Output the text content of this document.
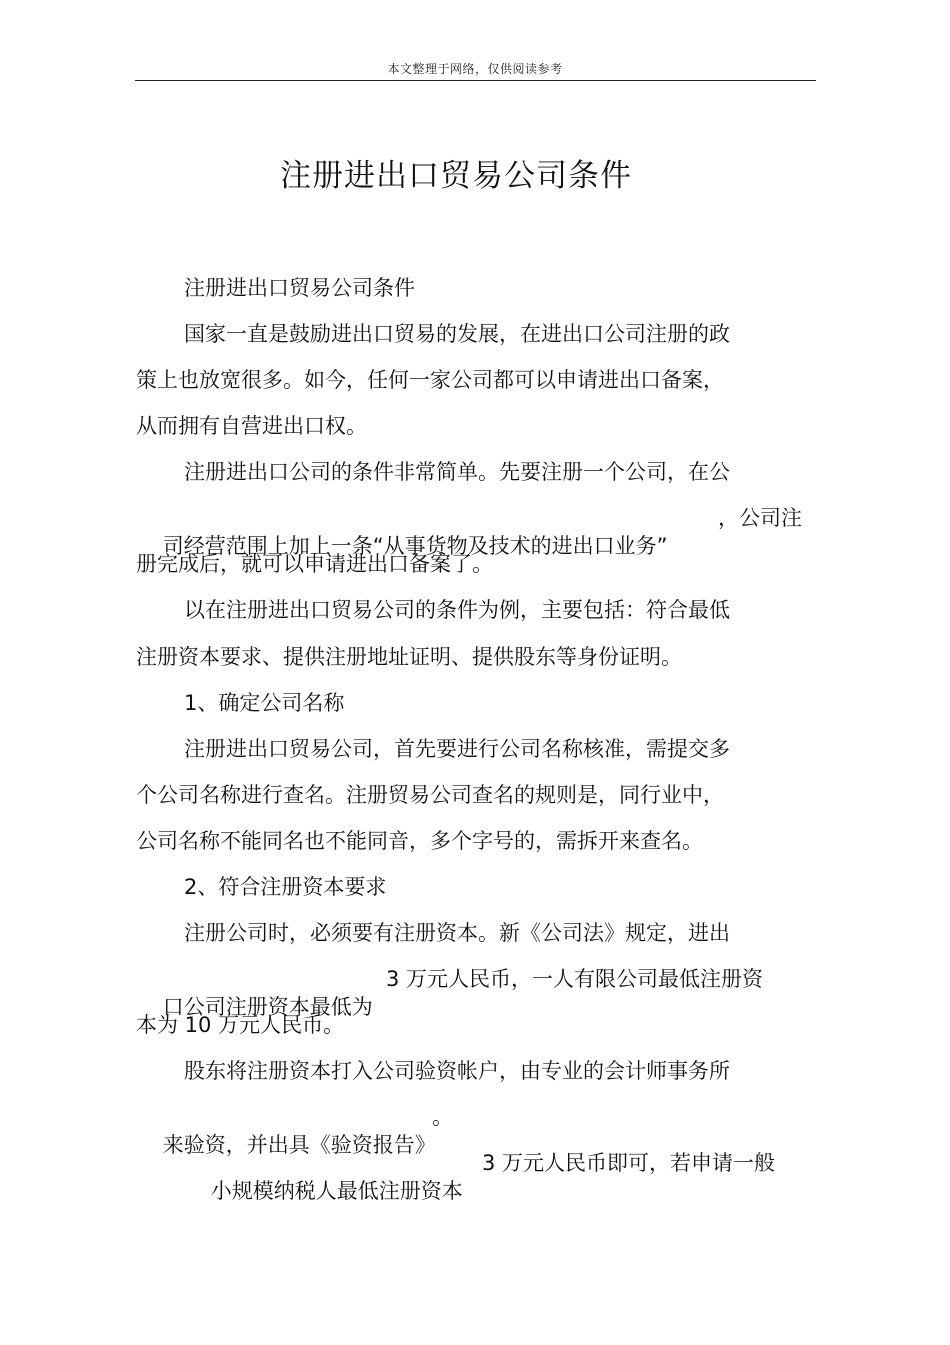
本文整理于网络，仅供阅读参考
注册进出口贸易公司条件
注册进出口贸易公司条件
国家一直是鼓励进出口贸易的发展，在进出口公司注册的政
策上也放宽很多。如今，任何一家公司都可以申请进出口备案，
从而拥有自营进出口权。
注册进出口公司的条件非常简单。先要注册一个公司，在公

司经营范围上加上一条“从事货物及技术的进出口业务”

，公司注

册完成后，就可以申请进出口备案了。
以在注册进出口贸易公司的条件为例，主要包括：符合最低
注册资本要求、提供注册地址证明、提供股东等身份证明。
1、确定公司名称
注册进出口贸易公司，首先要进行公司名称核准，需提交多
个公司名称进行查名。注册贸易公司查名的规则是，同行业中，
公司名称不能同名也不能同音，多个字号的，需拆开来查名。
2、符合注册资本要求
注册公司时，必须要有注册资本。新《公司法》规定，进出

口公司注册资本最低为

3 万元人民币，一人有限公司最低注册资

本为 10 万元人民币。
股东将注册资本打入公司验资帐户，由专业的会计师事务所

来验资，并出具《验资报告》

。

小规模纳税人最低注册资本

3 万元人民币即可，若申请一般
